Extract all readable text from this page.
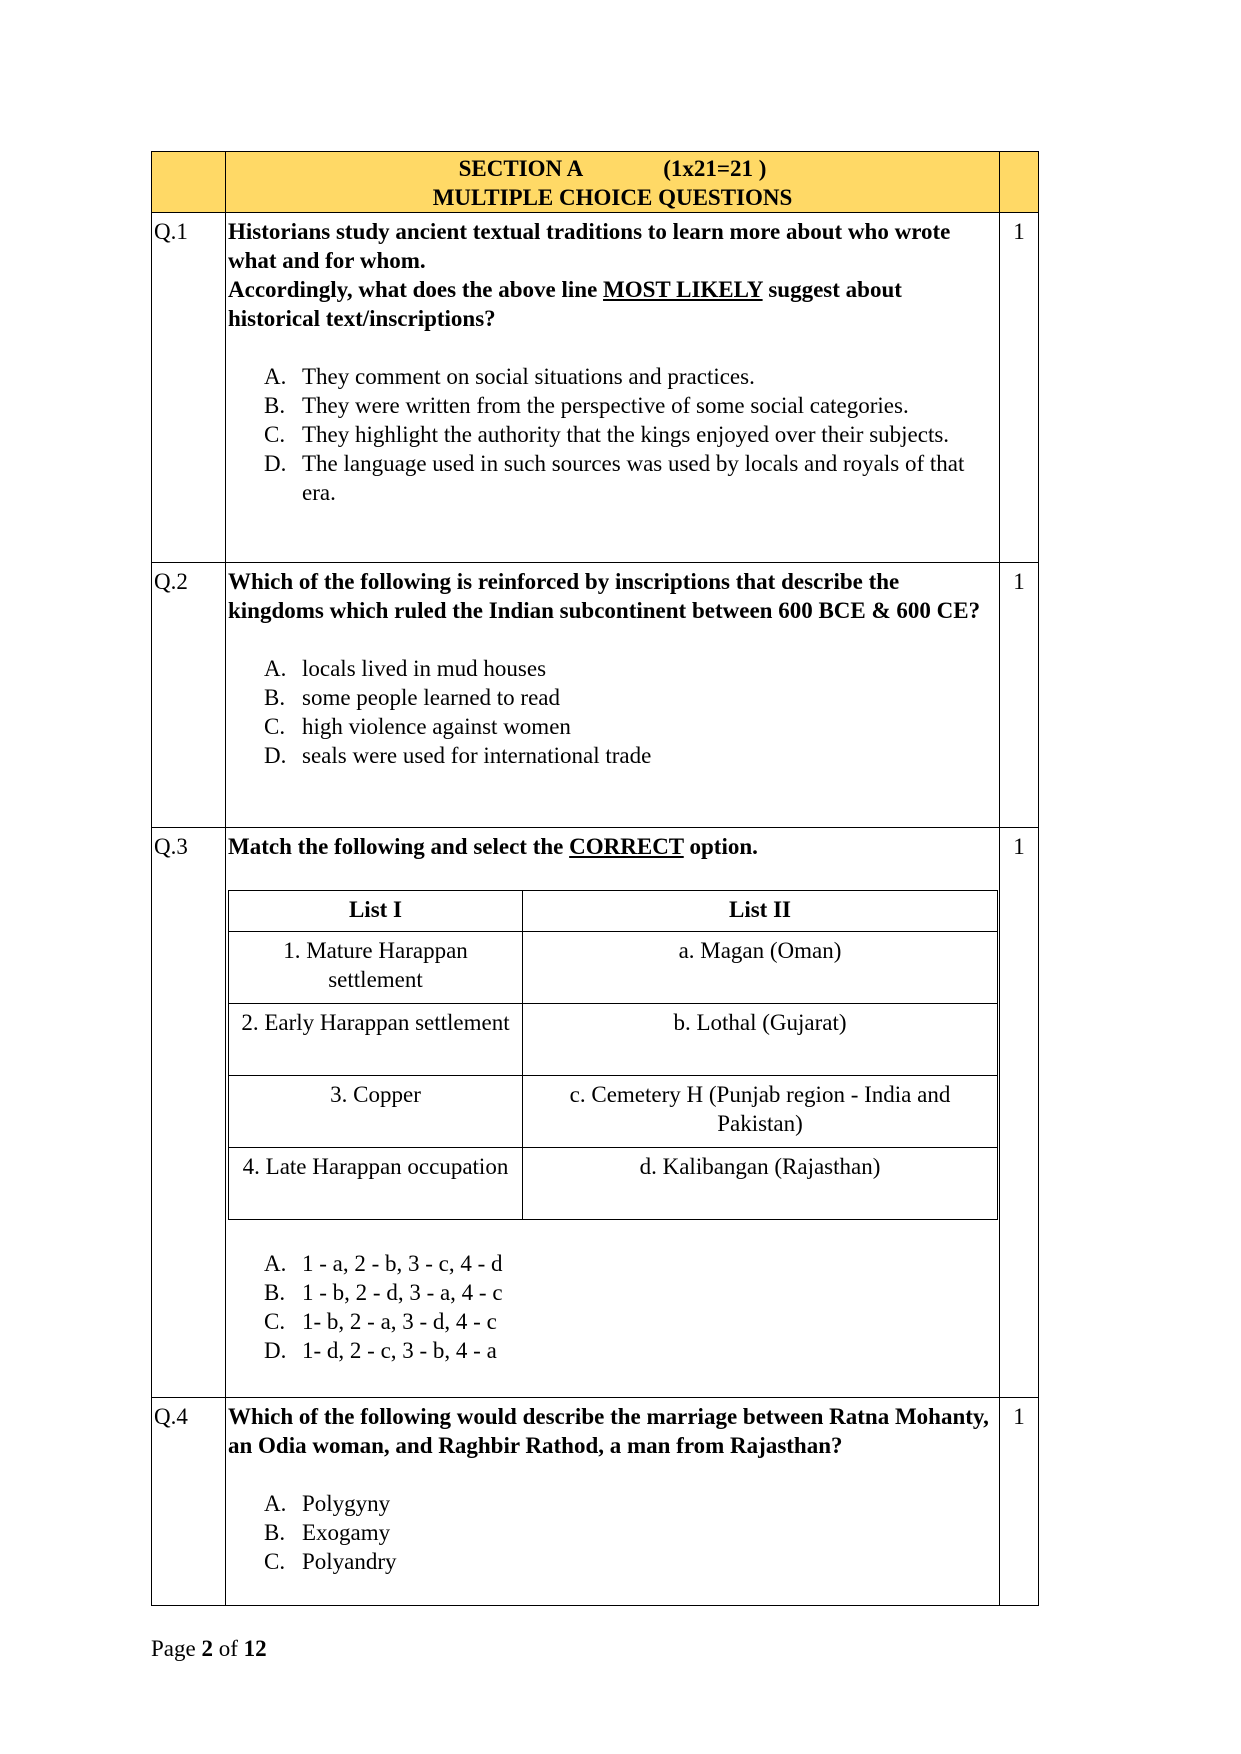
SECTION A	(1x21=21 )
MULTIPLE CHOICE QUESTIONS

Q.1	Historians study ancient textual traditions to learn more about who wrote what and for whom.
Accordingly, what does the above line MOST LIKELY suggest about historical text/inscriptions?
A. They comment on social situations and practices.
B. They were written from the perspective of some social categories.
C. They highlight the authority that the kings enjoyed over their subjects.
D. The language used in such sources was used by locals and royals of that era.

1

Q.2	Which of the following is reinforced by inscriptions that describe the kingdoms which ruled the Indian subcontinent between 600 BCE & 600 CE?
A. locals lived in mud houses
B. some people learned to read
C. high violence against women
D. seals were used for international trade

1

Q.3	Match the following and select the CORRECT option.
List I	List II
1. Mature Harappan settlement	a. Magan (Oman)
2. Early Harappan settlement	b. Lothal (Gujarat)
3. Copper	c. Cemetery H (Punjab region - India and Pakistan)
4. Late Harappan occupation	d. Kalibangan (Rajasthan)
A. 1 - a, 2 - b, 3 - c, 4 - d
B. 1 - b, 2 - d, 3 - a, 4 - c
C. 1- b, 2 - a, 3 - d, 4 - c
D. 1- d, 2 - c, 3 - b, 4 - a

1

Q.4	Which of the following would describe the marriage between Ratna Mohanty, an Odia woman, and Raghbir Rathod, a man from Rajasthan?
A. Polygyny
B. Exogamy
C. Polyandry

1
Page 2 of 12
